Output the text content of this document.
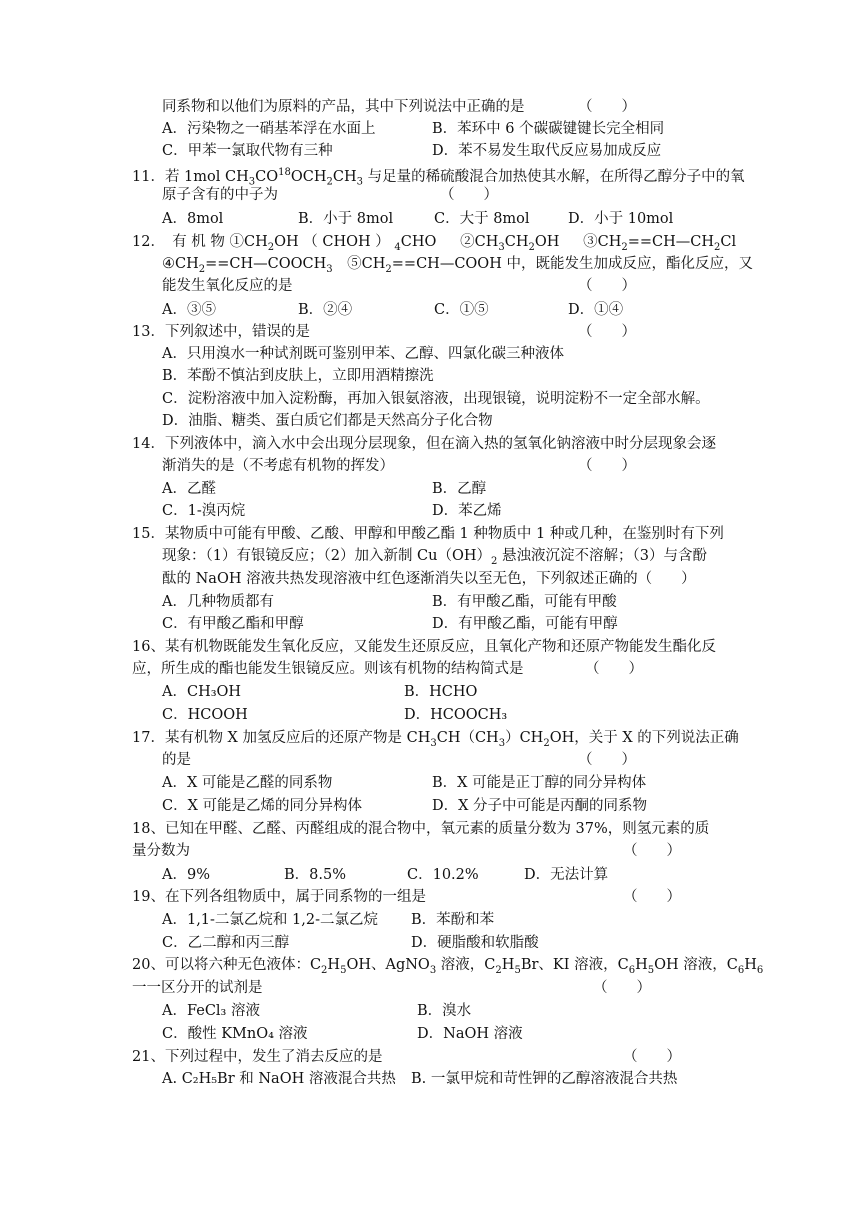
同系物和以他们为原料的产品，其中下列说法中正确的是	（　　）
A．污染物之一硝基苯浮在水面上	B．苯环中 6 个碳碳键键长完全相同
C．甲苯一氯取代物有三种	D．苯不易发生取代反应易加成反应
11．若 1mol $CH_3CO^{18}OCH_2CH_3$ 与足量的稀硫酸混合加热使其水解，在所得乙醇分子中的氧
原子含有的中子为	（　　）
A．8mol	B．小于 8mol	C．大于 8mol	D．小于 10mol
12．　有 机 物 $①CH_2OH$ （ CHOH ） $_4$CHO 　 $②CH_3CH_2OH$ 　 $③CH_2==CH—CH_2Cl$
$④CH_2==CH—COOCH_3$　$⑤CH_2==CH—COOH$ 中，既能发生加成反应，酯化反应，又
能发生氧化反应的是	（　　）
A．③⑤	B．②④	C．①⑤	D．①④
13．下列叙述中，错误的是	（　　）
A．只用溴水一种试剂既可鉴别甲苯、乙醇、四氯化碳三种液体
B．苯酚不慎沾到皮肤上，立即用酒精擦洗
C．淀粉溶液中加入淀粉酶，再加入银氨溶液，出现银镜，说明淀粉不一定全部水解。
D．油脂、糖类、蛋白质它们都是天然高分子化合物
14．下列液体中，滴入水中会出现分层现象，但在滴入热的氢氧化钠溶液中时分层现象会逐
渐消失的是（不考虑有机物的挥发）	（　　）
A．乙醛	B．乙醇
C．1-溴丙烷	D．苯乙烯
15．某物质中可能有甲酸、乙酸、甲醇和甲酸乙酯 1 种物质中 1 种或几种，在鉴别时有下列
现象：（1）有银镜反应；（2）加入新制 $Cu(OH)_2$ 悬浊液沉淀不溶解；（3）与含酚
酞的 NaOH 溶液共热发现溶液中红色逐渐消失以至无色，下列叙述正确的（　　）
A．几种物质都有	B．有甲酸乙酯，可能有甲酸
C．有甲酸乙酯和甲醇	D．有甲酸乙酯，可能有甲醇
16、某有机物既能发生氧化反应，又能发生还原反应，且氧化产物和还原产物能发生酯化反
应，所生成的酯也能发生银镜反应。则该有机物的结构简式是	（　　）
A．CH₃OH	B．HCHO
C．HCOOH	D．HCOOCH₃
17．某有机物 X 加氢反应后的还原产物是 $CH_3CH(CH_3)CH_2OH$，关于 X 的下列说法正确
的是	（　　）
A．X 可能是乙醛的同系物	B．X 可能是正丁醇的同分异构体
C．X 可能是乙烯的同分异构体	D．X 分子中可能是丙酮的同系物
18、已知在甲醛、乙醛、丙醛组成的混合物中，氧元素的质量分数为 37%，则氢元素的质
量分数为	（　　）
A．9%	B．8.5%	C．10.2%	D．无法计算
19、在下列各组物质中，属于同系物的一组是	（　　）
A．1,1-二氯乙烷和 1,2-二氯乙烷 B．苯酚和苯
C．乙二醇和丙三醇	D．硬脂酸和软脂酸
20、可以将六种无色液体：$C_2H_5OH$、AgNO$_3$ 溶液，$C_2H_5Br$、KI 溶液，$C_6H_5OH$ 溶液，$C_6H_6$
一一区分开的试剂是	（　　）
A．FeCl₃ 溶液	B．溴水
C．酸性 KMnO₄ 溶液	D．NaOH 溶液
21、下列过程中，发生了消去反应的是	（　　）
A. C₂H₅Br 和 NaOH 溶液混合共热 B. 一氯甲烷和苛性钾的乙醇溶液混合共热
